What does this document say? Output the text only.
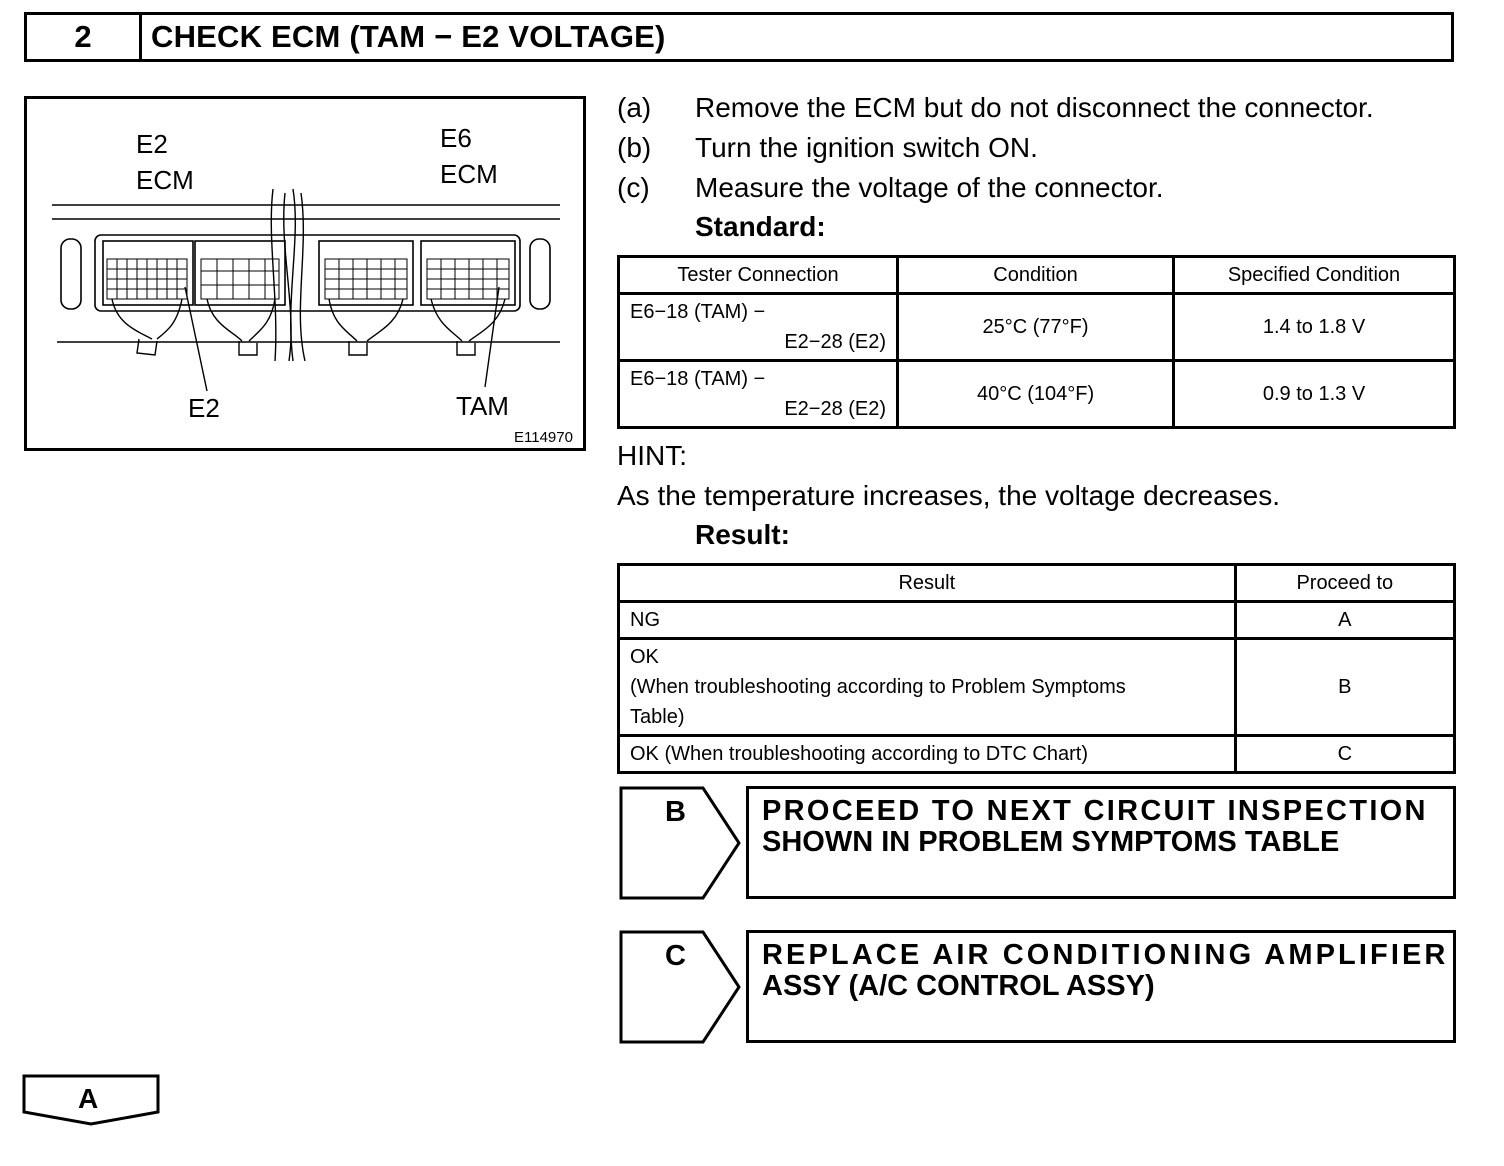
2	CHECK ECM (TAM − E2 VOLTAGE)
E2
ECM
E6
ECM
E2	TAM
E114970
(a) Remove the ECM but do not disconnect the connector.
(b) Turn the ignition switch ON.
(c) Measure the voltage of the connector.
Standard:
Tester Connection	Condition	Specified Condition

E6−18 (TAM) −
E2−28 (E2)	25°C (77°F)	1.4 to 1.8 V

E6−18 (TAM) −
E2−28 (E2)	40°C (104°F)	0.9 to 1.3 V
HINT:
As the temperature increases, the voltage decreases.
Result:
Result	Proceed to
NG	A

OK
(When troubleshooting according to Problem Symptoms
Table)	B
OK (When troubleshooting according to DTC Chart)	C
B	PROCEED TO NEXT CIRCUIT INSPECTION
SHOWN IN PROBLEM SYMPTOMS TABLE
C	REPLACE AIR CONDITIONING AMPLIFIER
ASSY (A/C CONTROL ASSY)
A
